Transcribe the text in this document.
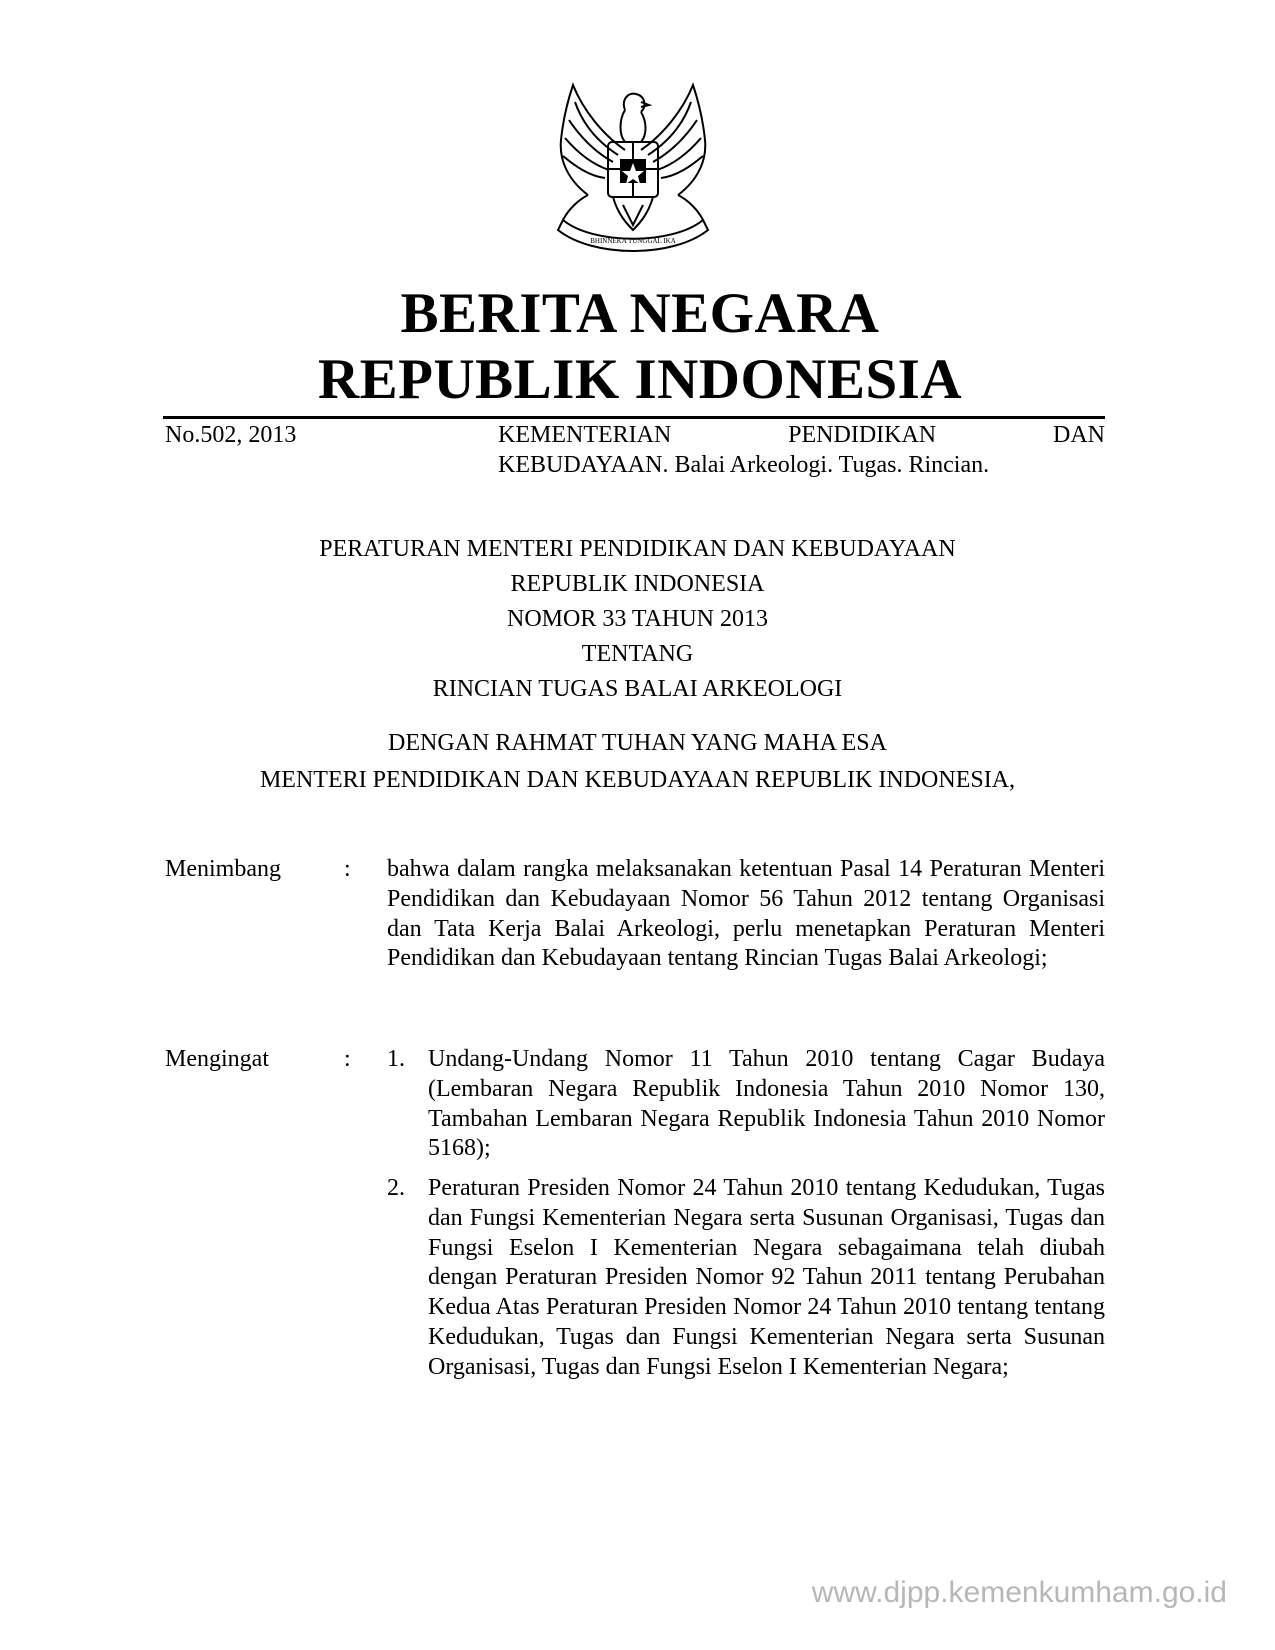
BHINNEKA TUNGGAL IKA
BERITA NEGARA
REPUBLIK INDONESIA
No.502, 2013	KEMENTERIAN	PENDIDIKAN	DAN
KEBUDAYAAN. Balai Arkeologi. Tugas. Rincian.
PERATURAN MENTERI PENDIDIKAN DAN KEBUDAYAAN
REPUBLIK INDONESIA
NOMOR 33 TAHUN 2013
TENTANG
RINCIAN TUGAS BALAI ARKEOLOGI
DENGAN RAHMAT TUHAN YANG MAHA ESA
MENTERI PENDIDIKAN DAN KEBUDAYAAN REPUBLIK INDONESIA,
Menimbang	: bahwa dalam rangka melaksanakan ketentuan Pasal 14 Peraturan Menteri Pendidikan dan Kebudayaan Nomor 56 Tahun 2012 tentang Organisasi dan Tata Kerja Balai Arkeologi, perlu menetapkan Peraturan Menteri Pendidikan dan Kebudayaan tentang Rincian Tugas Balai Arkeologi;
Mengingat	: 1. Undang-Undang Nomor 11 Tahun 2010 tentang Cagar Budaya (Lembaran Negara Republik Indonesia Tahun 2010 Nomor 130, Tambahan Lembaran Negara Republik Indonesia Tahun 2010 Nomor 5168);
2. Peraturan Presiden Nomor 24 Tahun 2010 tentang Kedudukan, Tugas dan Fungsi Kementerian Negara serta Susunan Organisasi, Tugas dan Fungsi Eselon I Kementerian Negara sebagaimana telah diubah dengan Peraturan Presiden Nomor 92 Tahun 2011 tentang Perubahan Kedua Atas Peraturan Presiden Nomor 24 Tahun 2010 tentang tentang Kedudukan, Tugas dan Fungsi Kementerian Negara serta Susunan Organisasi, Tugas dan Fungsi Eselon I Kementerian Negara;
www.djpp.kemenkumham.go.id
